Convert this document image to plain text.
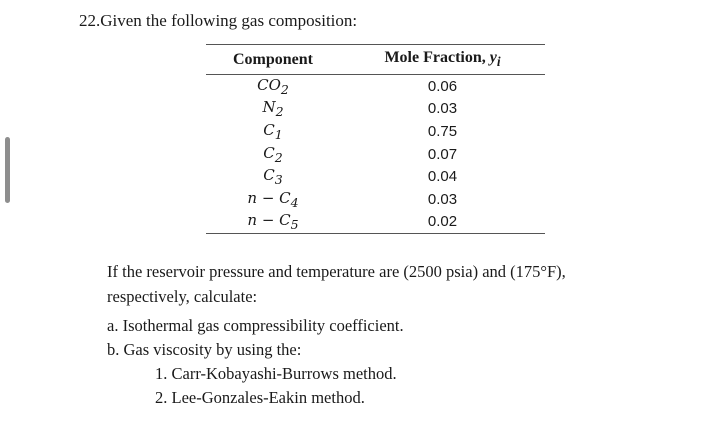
22.Given the following gas composition:
Component	Mole Fraction, $y_i$
$CO_2$	0.06
$N_2$	0.03
$C_1$	0.75
$C_2$	0.07
$C_3$	0.04
$n - C_4$	0.03
$n - C_5$	0.02
If the reservoir pressure and temperature are (2500 psia) and (175°F),
respectively, calculate:
a. Isothermal gas compressibility coefficient.
b. Gas viscosity by using the:
1. Carr-Kobayashi-Burrows method.
2. Lee-Gonzales-Eakin method.
